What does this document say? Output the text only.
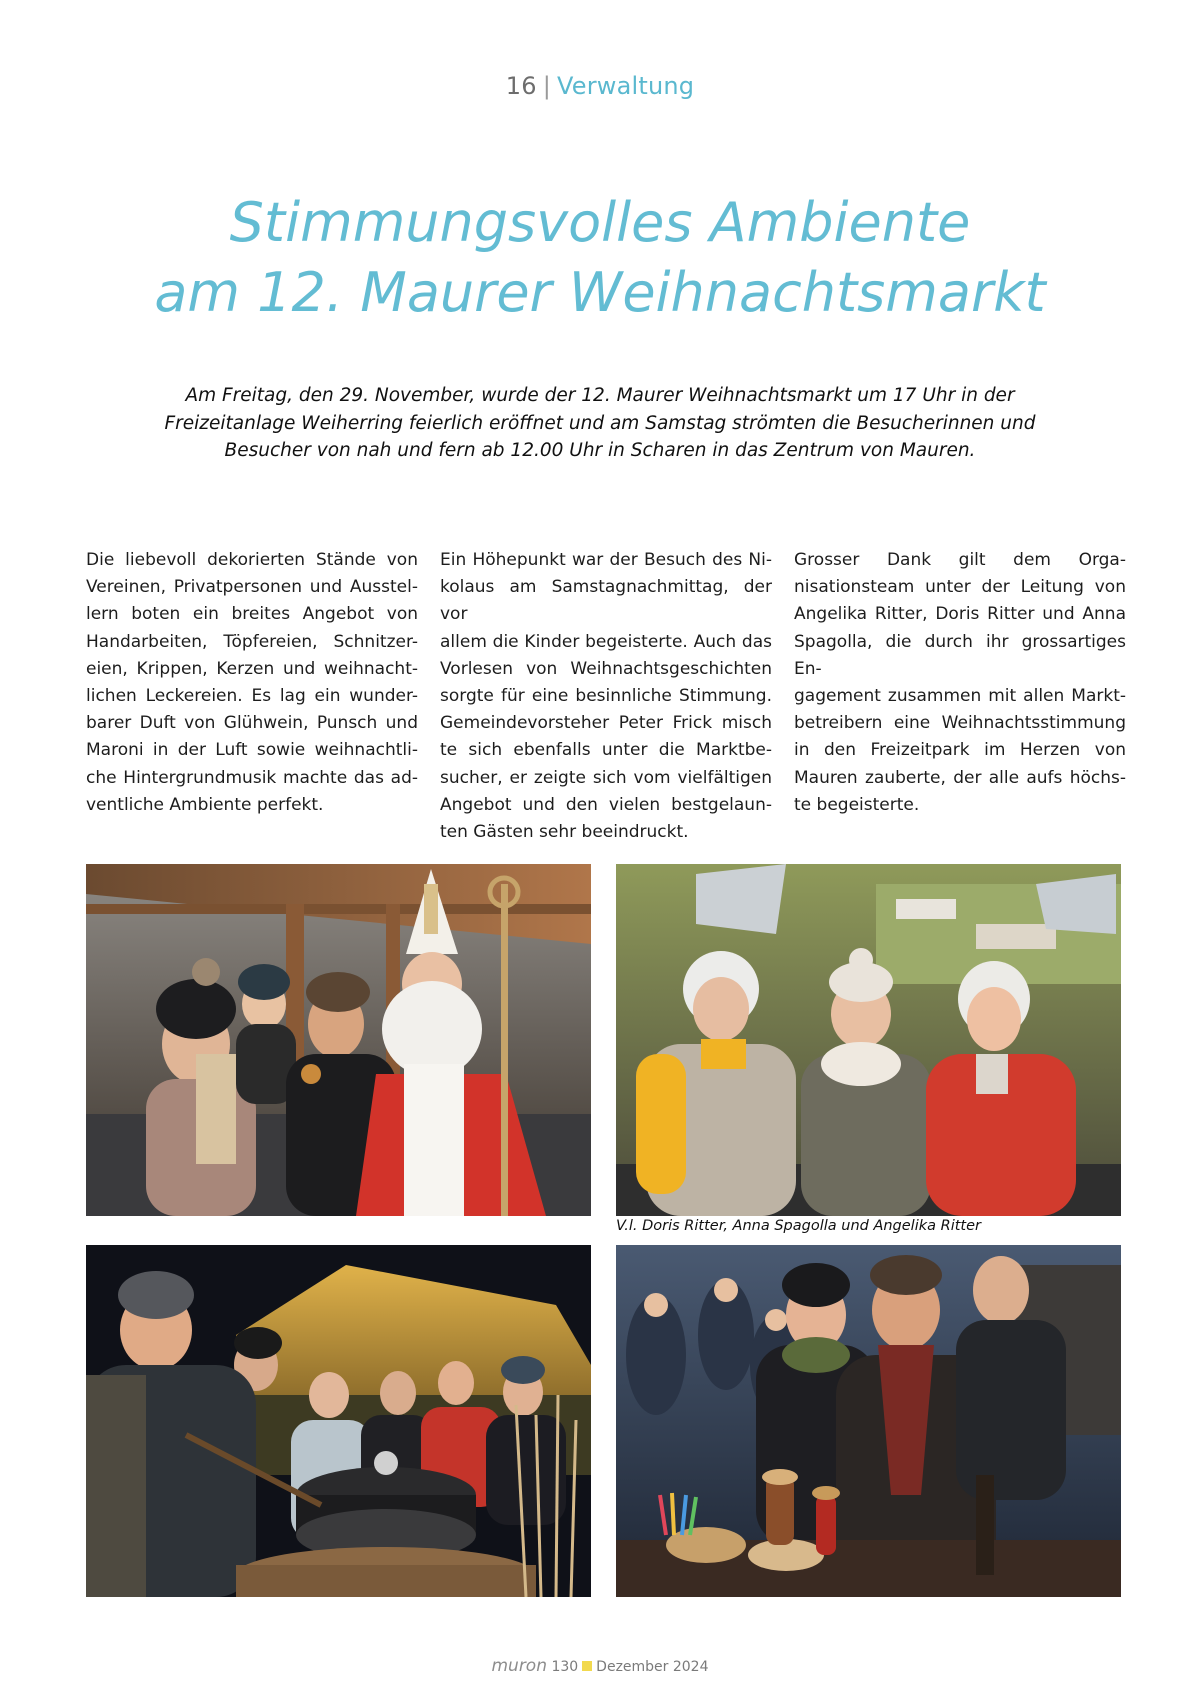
16 | Verwaltung
Stimmungsvolles Ambiente
am 12. Maurer Weihnachtsmarkt
Am Freitag, den 29. November, wurde der 12. Maurer Weihnachtsmarkt um 17 Uhr in der
Freizeitanlage Weiherring feierlich eröffnet und am Samstag strömten die Besucherinnen und
Besucher von nah und fern ab 12.00 Uhr in Scharen in das Zentrum von Mauren.
Die liebevoll dekorierten Stände von
Vereinen, Privatpersonen und Ausstel-
lern boten ein breites Angebot von
Handarbeiten, Töpfereien, Schnitzer-
eien, Krippen, Kerzen und weihnacht-
lichen Leckereien. Es lag ein wunder-
barer Duft von Glühwein, Punsch und
Maroni in der Luft sowie weihnachtli-
che Hintergrundmusik machte das ad-
ventliche Ambiente perfekt.
Ein Höhepunkt war der Besuch des Ni-
kolaus am Samstagnachmittag, der vor
allem die Kinder begeisterte. Auch das
Vorlesen von Weihnachtsgeschichten
sorgte für eine besinnliche Stimmung.
Gemeindevorsteher Peter Frick misch
te sich ebenfalls unter die Marktbe-
sucher, er zeigte sich vom vielfältigen
Angebot und den vielen bestgelaun-
ten Gästen sehr beeindruckt.
Grosser Dank gilt dem Orga-
nisationsteam unter der Leitung von
Angelika Ritter, Doris Ritter und Anna
Spagolla, die durch ihr grossartiges En-
gagement zusammen mit allen Markt-
betreibern eine Weihnachtsstimmung
in den Freizeitpark im Herzen von
Mauren zauberte, der alle aufs höchs-
te begeisterte.
V.l. Doris Ritter, Anna Spagolla und Angelika Ritter
muron 130 Dezember 2024
